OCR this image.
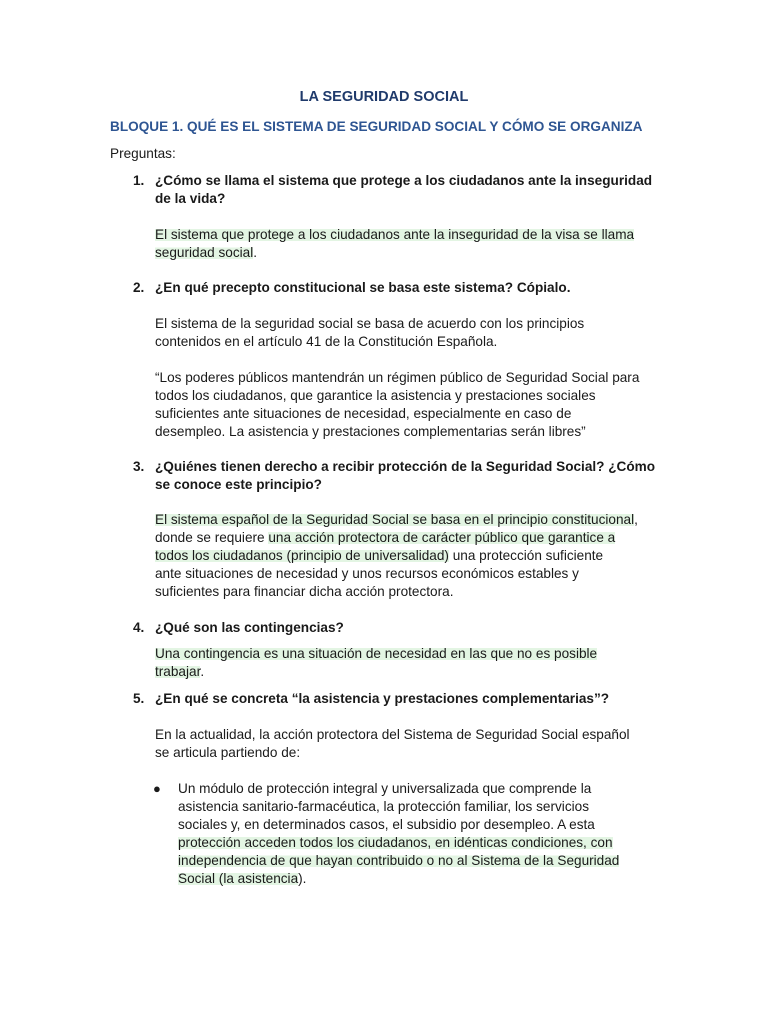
LA SEGURIDAD SOCIAL

BLOQUE 1. QUÉ ES EL SISTEMA DE SEGURIDAD SOCIAL Y CÓMO SE ORGANIZA

Preguntas:

1. ¿Cómo se llama el sistema que protege a los ciudadanos ante la inseguridad

de la vida?

El sistema que protege a los ciudadanos ante la inseguridad de la visa se llama

seguridad social.

2. ¿En qué precepto constitucional se basa este sistema? Cópialo.

El sistema de la seguridad social se basa de acuerdo con los principios

contenidos en el artículo 41 de la Constitución Española.

“Los poderes públicos mantendrán un régimen público de Seguridad Social para

todos los ciudadanos, que garantice la asistencia y prestaciones sociales

suficientes ante situaciones de necesidad, especialmente en caso de

desempleo. La asistencia y prestaciones complementarias serán libres”

3. ¿Quiénes tienen derecho a recibir protección de la Seguridad Social? ¿Cómo

se conoce este principio?

El sistema español de la Seguridad Social se basa en el principio constitucional,

donde se requiere una acción protectora de carácter público que garantice a

todos los ciudadanos (principio de universalidad) una protección suficiente

ante situaciones de necesidad y unos recursos económicos estables y

suficientes para financiar dicha acción protectora.

4. ¿Qué son las contingencias?

Una contingencia es una situación de necesidad en las que no es posible

trabajar.

5. ¿En qué se concreta “la asistencia y prestaciones complementarias”?

En la actualidad, la acción protectora del Sistema de Seguridad Social español

se articula partiendo de:

● Un módulo de protección integral y universalizada que comprende la

asistencia sanitario-farmacéutica, la protección familiar, los servicios

sociales y, en determinados casos, el subsidio por desempleo. A esta

protección acceden todos los ciudadanos, en idénticas condiciones, con

independencia de que hayan contribuido o no al Sistema de la Seguridad

Social (la asistencia).
